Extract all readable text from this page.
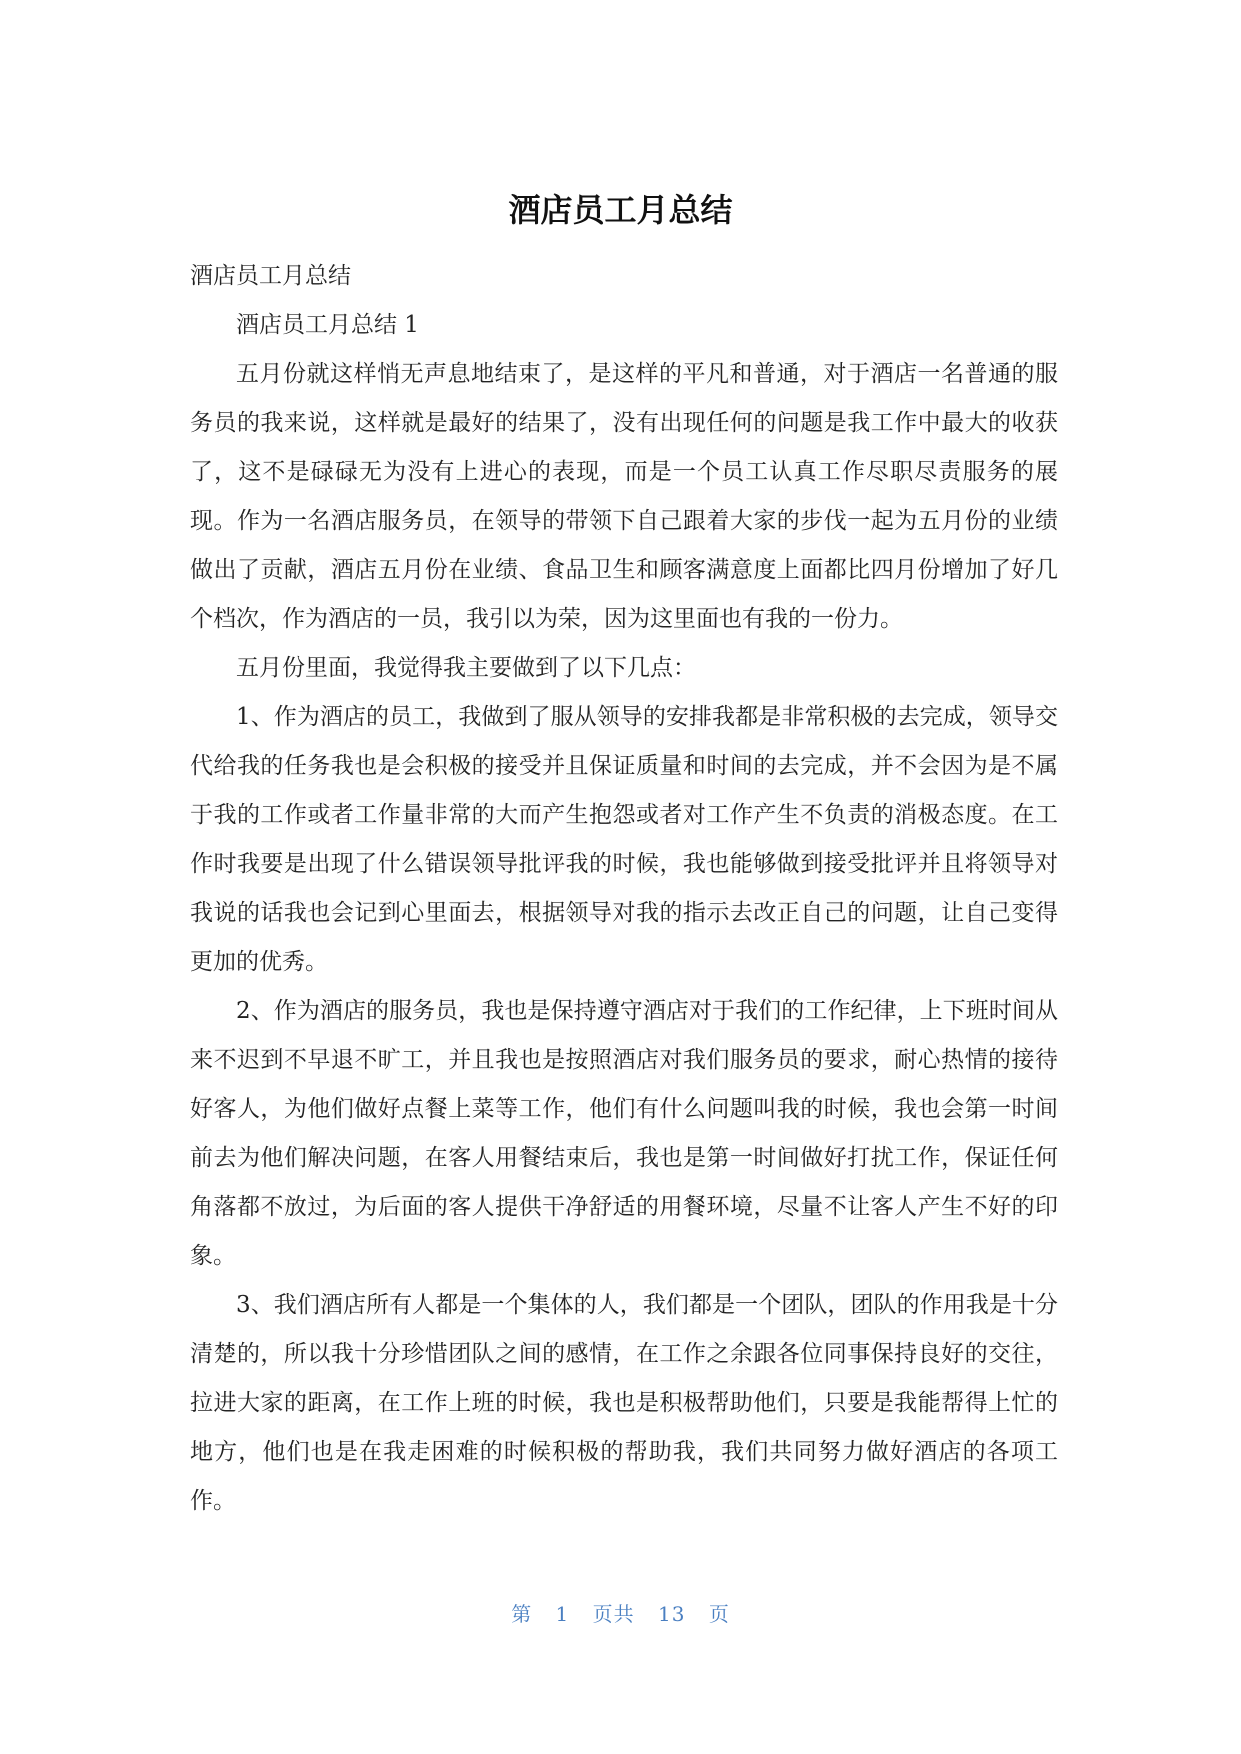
酒店员工月总结

酒店员工月总结

酒店员工月总结 1

五月份就这样悄无声息地结束了，是这样的平凡和普通，对于酒店一名普通的服务员的我来说，这样就是最好的结果了，没有出现任何的问题是我工作中最大的收获了，这不是碌碌无为没有上进心的表现，而是一个员工认真工作尽职尽责服务的展现。作为一名酒店服务员，在领导的带领下自己跟着大家的步伐一起为五月份的业绩做出了贡献，酒店五月份在业绩、食品卫生和顾客满意度上面都比四月份增加了好几个档次，作为酒店的一员，我引以为荣，因为这里面也有我的一份力。

五月份里面，我觉得我主要做到了以下几点：

1、作为酒店的员工，我做到了服从领导的安排我都是非常积极的去完成，领导交代给我的任务我也是会积极的接受并且保证质量和时间的去完成，并不会因为是不属于我的工作或者工作量非常的大而产生抱怨或者对工作产生不负责的消极态度。在工作时我要是出现了什么错误领导批评我的时候，我也能够做到接受批评并且将领导对我说的话我也会记到心里面去，根据领导对我的指示去改正自己的问题，让自己变得更加的优秀。

2、作为酒店的服务员，我也是保持遵守酒店对于我们的工作纪律，上下班时间从来不迟到不早退不旷工，并且我也是按照酒店对我们服务员的要求，耐心热情的接待好客人，为他们做好点餐上菜等工作，他们有什么问题叫我的时候，我也会第一时间前去为他们解决问题，在客人用餐结束后，我也是第一时间做好打扰工作，保证任何角落都不放过，为后面的客人提供干净舒适的用餐环境，尽量不让客人产生不好的印象。

3、我们酒店所有人都是一个集体的人，我们都是一个团队，团队的作用我是十分清楚的，所以我十分珍惜团队之间的感情，在工作之余跟各位同事保持良好的交往，拉进大家的距离，在工作上班的时候，我也是积极帮助他们，只要是我能帮得上忙的地方，他们也是在我走困难的时候积极的帮助我，我们共同努力做好酒店的各项工作。

第 1 页共 13 页
